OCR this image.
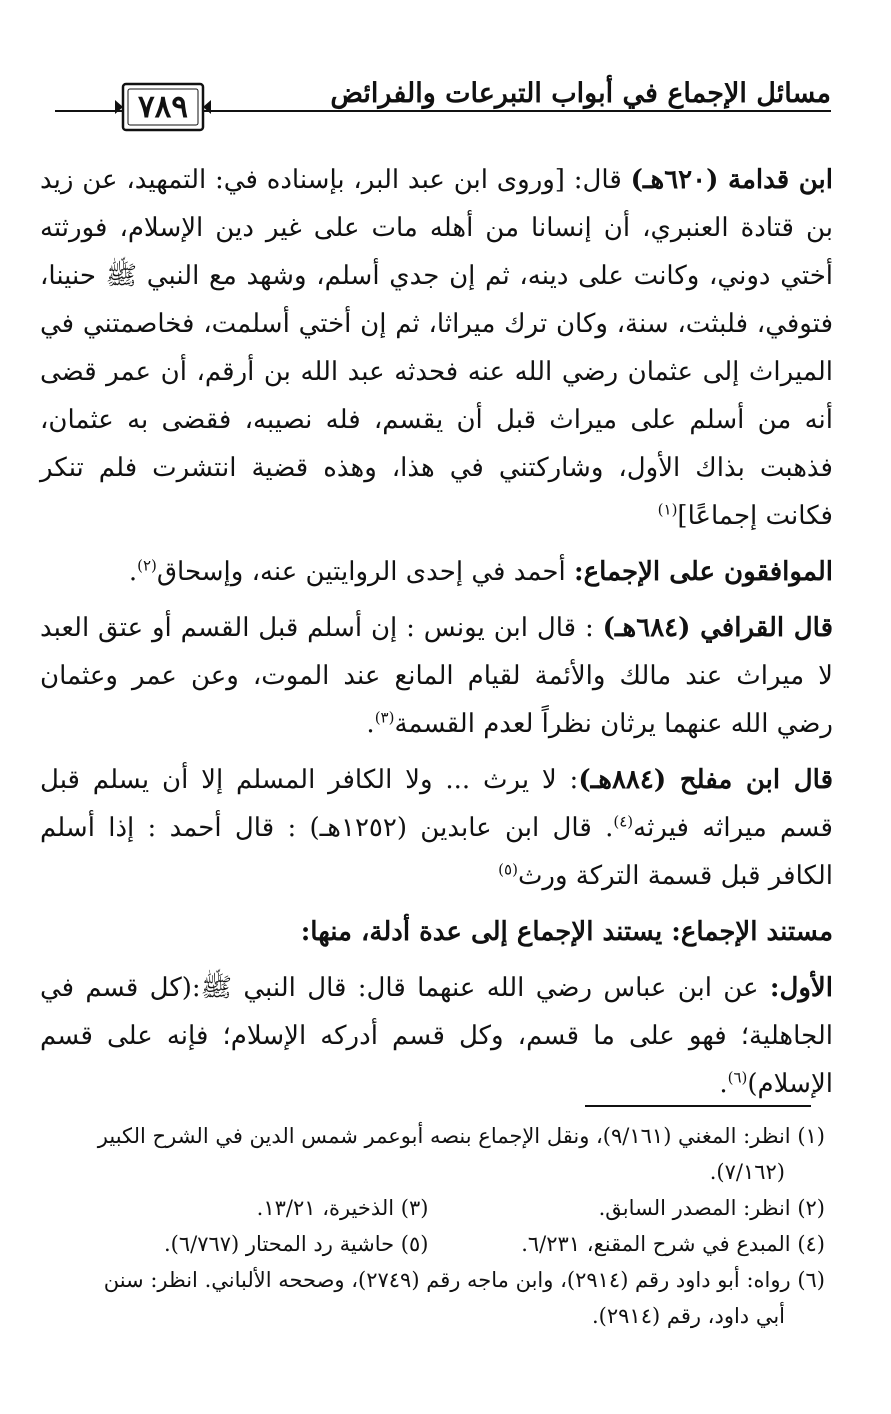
مسائل الإجماع في أبواب التبرعات والفرائض
٧٨٩

ابن قدامة (٦٢٠هـ) قال: [وروى ابن عبد البر، بإسناده في: التمهيد، عن زيد بن قتادة العنبري، أن إنسانا من أهله مات على غير دين الإسلام، فورثته أختي دوني، وكانت على دينه، ثم إن جدي أسلم، وشهد مع النبي ﷺ حنينا، فتوفي، فلبثت، سنة، وكان ترك ميراثا، ثم إن أختي أسلمت، فخاصمتني في الميراث إلى عثمان رضي الله عنه فحدثه عبد الله بن أرقم، أن عمر قضى أنه من أسلم على ميراث قبل أن يقسم، فله نصيبه، فقضى به عثمان، فذهبت بذاك الأول، وشاركتني في هذا، وهذه قضية انتشرت فلم تنكر فكانت إجماعًا]$^{(١)}$

الموافقون على الإجماع: أحمد في إحدى الروايتين عنه، وإسحاق$^{(٢)}$.

قال القرافي (٦٨٤هـ) : قال ابن يونس : إن أسلم قبل القسم أو عتق العبد لا ميراث عند مالك والأئمة لقيام المانع عند الموت، وعن عمر وعثمان رضي الله عنهما يرثان نظراً لعدم القسمة$^{(٣)}$.

قال ابن مفلح (٨٨٤هـ): لا يرث ... ولا الكافر المسلم إلا أن يسلم قبل قسم ميراثه فيرثه$^{(٤)}$. قال ابن عابدين (١٢٥٢هـ) : قال أحمد : إذا أسلم الكافر قبل قسمة التركة ورث$^{(٥)}$

مستند الإجماع: يستند الإجماع إلى عدة أدلة، منها:

الأول: عن ابن عباس رضي الله عنهما قال: قال النبي ﷺ:(كل قسم في الجاهلية؛ فهو على ما قسم، وكل قسم أدركه الإسلام؛ فإنه على قسم الإسلام)$^{(٦)}$.

(١) انظر: المغني (٩/١٦١)، ونقل الإجماع بنصه أبوعمر شمس الدين في الشرح الكبير

(٧/١٦٢).

(٢) انظر: المصدر السابق.

(٣) الذخيرة، ١٣/٢١.

(٤) المبدع في شرح المقنع، ٦/٢٣١.

(٥) حاشية رد المحتار (٦/٧٦٧).

(٦) رواه: أبو داود رقم (٢٩١٤)، وابن ماجه رقم (٢٧٤٩)، وصححه الألباني. انظر: سنن

أبي داود، رقم (٢٩١٤).
